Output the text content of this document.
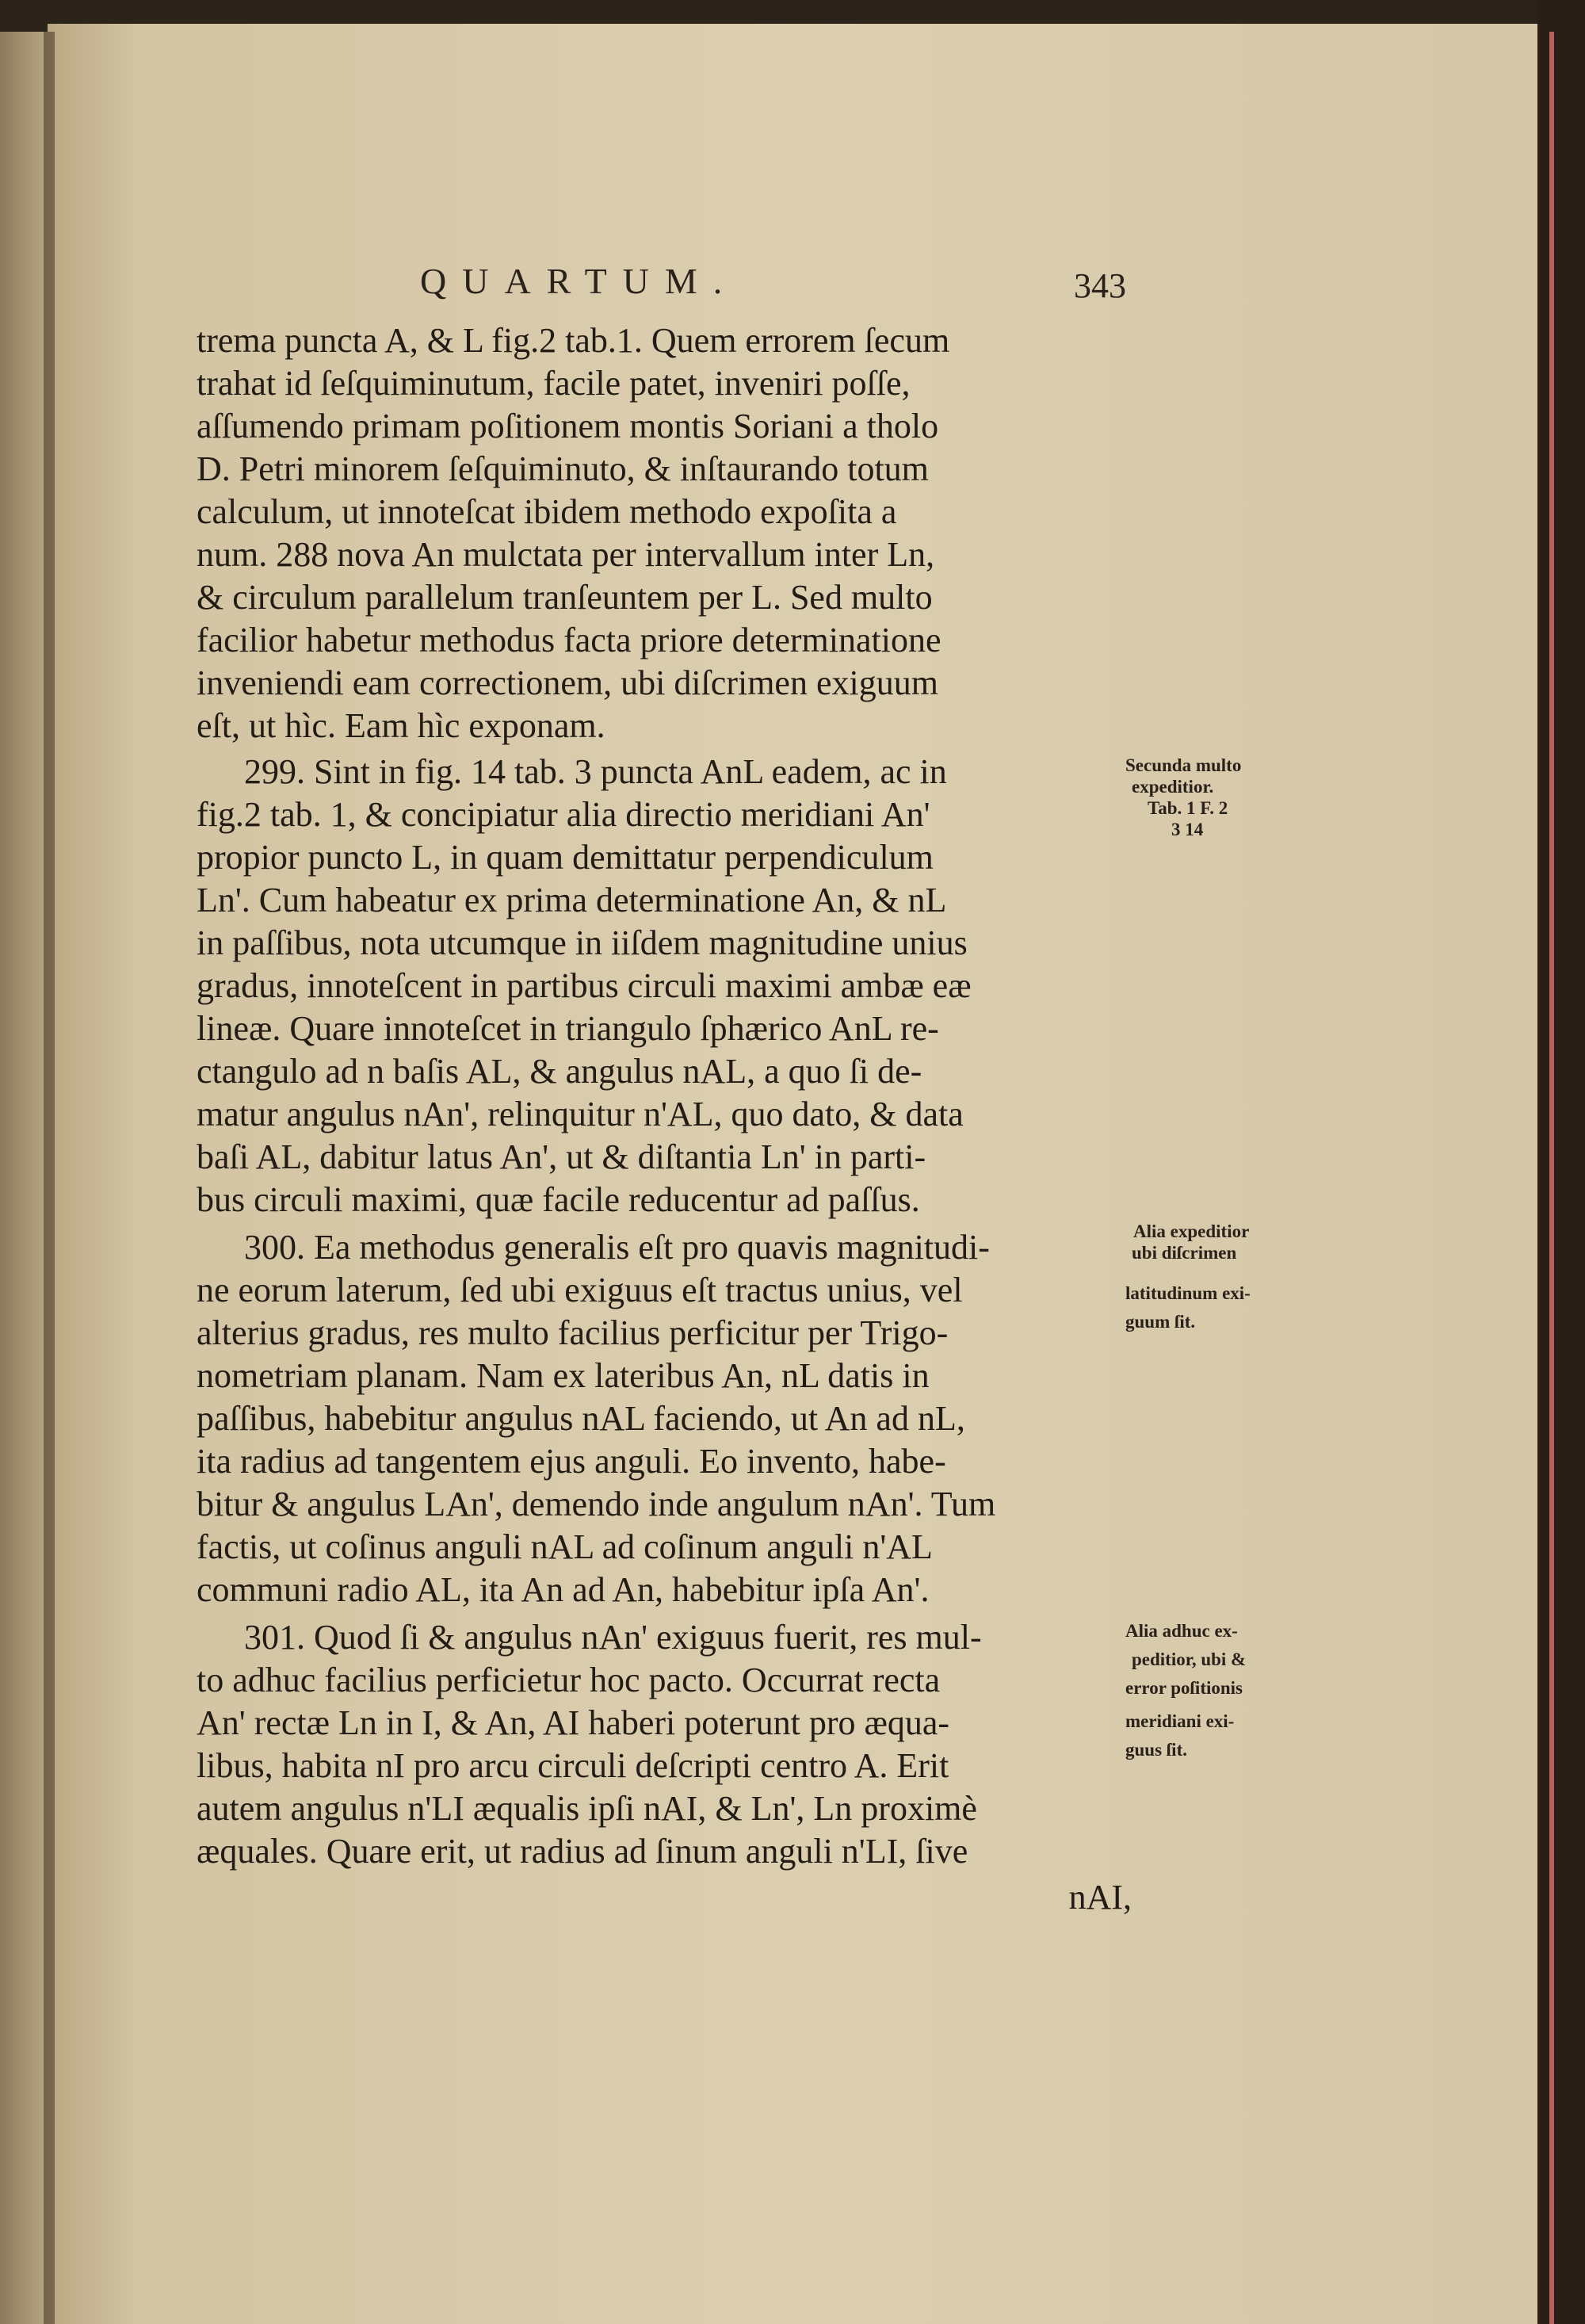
QUARTUM.	343
trema puncta A, & L fig.2 tab.1. Quem errorem ſecum
trahat id ſeſquiminutum, facile patet, inveniri poſſe,
aſſumendo primam poſitionem montis Soriani a tholo
D. Petri minorem ſeſquiminuto, & inſtaurando totum
calculum, ut innoteſcat ibidem methodo expoſita a
num. 288 nova An mulctata per intervallum inter Ln,
& circulum parallelum tranſeuntem per L. Sed multo
facilior habetur methodus facta priore determinatione
inveniendi eam correctionem, ubi diſcrimen exiguum
eſt, ut hìc. Eam hìc exponam.
299. Sint in fig. 14 tab. 3 puncta AnL eadem, ac in
fig.2 tab. 1, & concipiatur alia directio meridiani An'
propior puncto L, in quam demittatur perpendiculum
Ln'. Cum habeatur ex prima determinatione An, & nL
in paſſibus, nota utcumque in iiſdem magnitudine unius
gradus, innoteſcent in partibus circuli maximi ambæ eæ
lineæ. Quare innoteſcet in triangulo ſphærico AnL re-
ctangulo ad n baſis AL, & angulus nAL, a quo ſi de-
matur angulus nAn', relinquitur n'AL, quo dato, & data
baſi AL, dabitur latus An', ut & diſtantia Ln' in parti-
bus circuli maximi, quæ facile reducentur ad paſſus.
300. Ea methodus generalis eſt pro quavis magnitudi-
ne eorum laterum, ſed ubi exiguus eſt tractus unius, vel
alterius gradus, res multo facilius perficitur per Trigo-
nometriam planam. Nam ex lateribus An, nL datis in
paſſibus, habebitur angulus nAL faciendo, ut An ad nL,
ita radius ad tangentem ejus anguli. Eo invento, habe-
bitur & angulus LAn', demendo inde angulum nAn'. Tum
factis, ut coſinus anguli nAL ad coſinum anguli n'AL
communi radio AL, ita An ad An, habebitur ipſa An'.
301. Quod ſi & angulus nAn' exiguus fuerit, res mul-
to adhuc facilius perficietur hoc pacto. Occurrat recta
An' rectæ Ln in I, & An, AI haberi poterunt pro æqua-
libus, habita nI pro arcu circuli deſcripti centro A. Erit
autem angulus n'LI æqualis ipſi nAI, & Ln', Ln proximè
æquales. Quare erit, ut radius ad ſinum anguli n'LI, ſive
nAI,
Secunda multo
expeditior.
Tab. 1 F. 2
3 14
Alia expeditior
ubi diſcrimen
latitudinum exi-
guum ſit.
Alia adhuc ex-
peditior, ubi &
error poſitionis
meridiani exi-
guus ſit.
